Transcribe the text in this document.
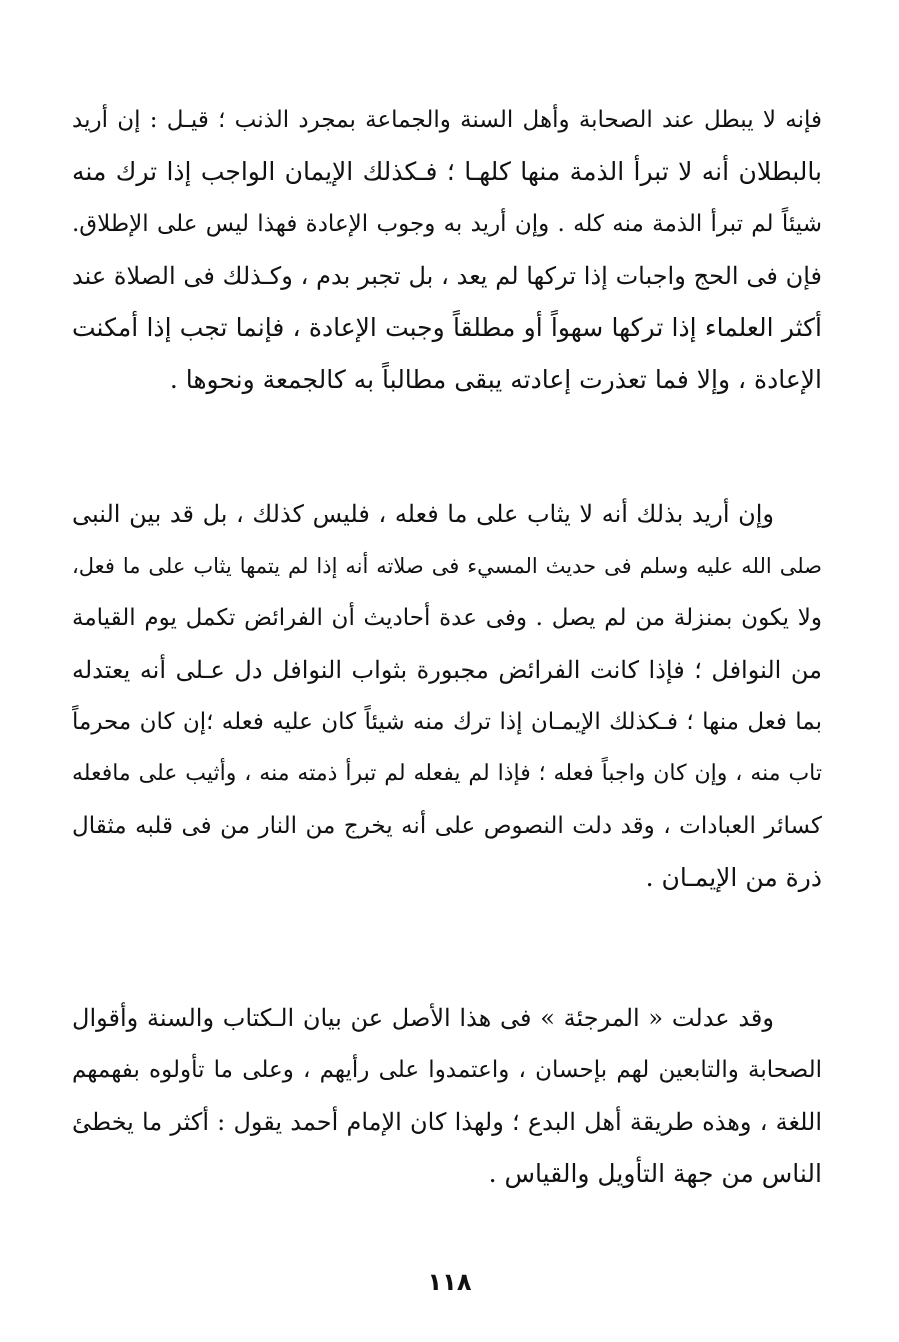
فإنه لا يبطل عند الصحابة وأهل السنة والجماعة بمجرد الذنب ؛ قيـل : إن أريد
بالبطلان أنه لا تبرأ الذمة منها كلهـا ؛ فـكذلك الإيمان الواجب إذا ترك منه
شيئاً لم تبرأ الذمة منه كله . وإن أريد به وجوب الإعادة فهذا ليس على الإطلاق.
فإن فى الحج واجبات إذا تركها لم يعد ، بل تجبر بدم ، وكـذلك فى الصلاة عند
أكثر العلماء إذا تركها سهواً أو مطلقاً وجبت الإعادة ، فإنما تجب إذا أمكنت
الإعادة ، وإلا فما تعذرت إعادته يبقى مطالباً به كالجمعة ونحوها .
وإن أريد بذلك أنه لا يثاب على ما فعله ، فليس كذلك ، بل قد بين النبى
صلى الله عليه وسلم فى حديث المسيء فى صلاته أنه إذا لم يتمها يثاب على ما فعل،
ولا يكون بمنزلة من لم يصل . وفى عدة أحاديث أن الفرائض تكمل يوم القيامة
من النوافل ؛ فإذا كانت الفرائض مجبورة بثواب النوافل دل عـلى أنه يعتدله
بما فعل منها ؛ فـكذلك الإيمـان إذا ترك منه شيئاً كان عليه فعله ؛إن كان محرماً
تاب منه ، وإن كان واجباً فعله ؛ فإذا لم يفعله لم تبرأ ذمته منه ، وأثيب على مافعله
كسائر العبادات ، وقد دلت النصوص على أنه يخرج من النار من فى قلبه مثقال
ذرة من الإيمـان .
وقد عدلت « المرجئة » فى هذا الأصل عن بيان الـكتاب والسنة وأقوال
الصحابة والتابعين لهم بإحسان ، واعتمدوا على رأيهم ، وعلى ما تأولوه بفهمهم
اللغة ، وهذه طريقة أهل البدع ؛ ولهذا كان الإمام أحمد يقول : أكثر ما يخطئ
الناس من جهة التأويل والقياس .
١١٨
